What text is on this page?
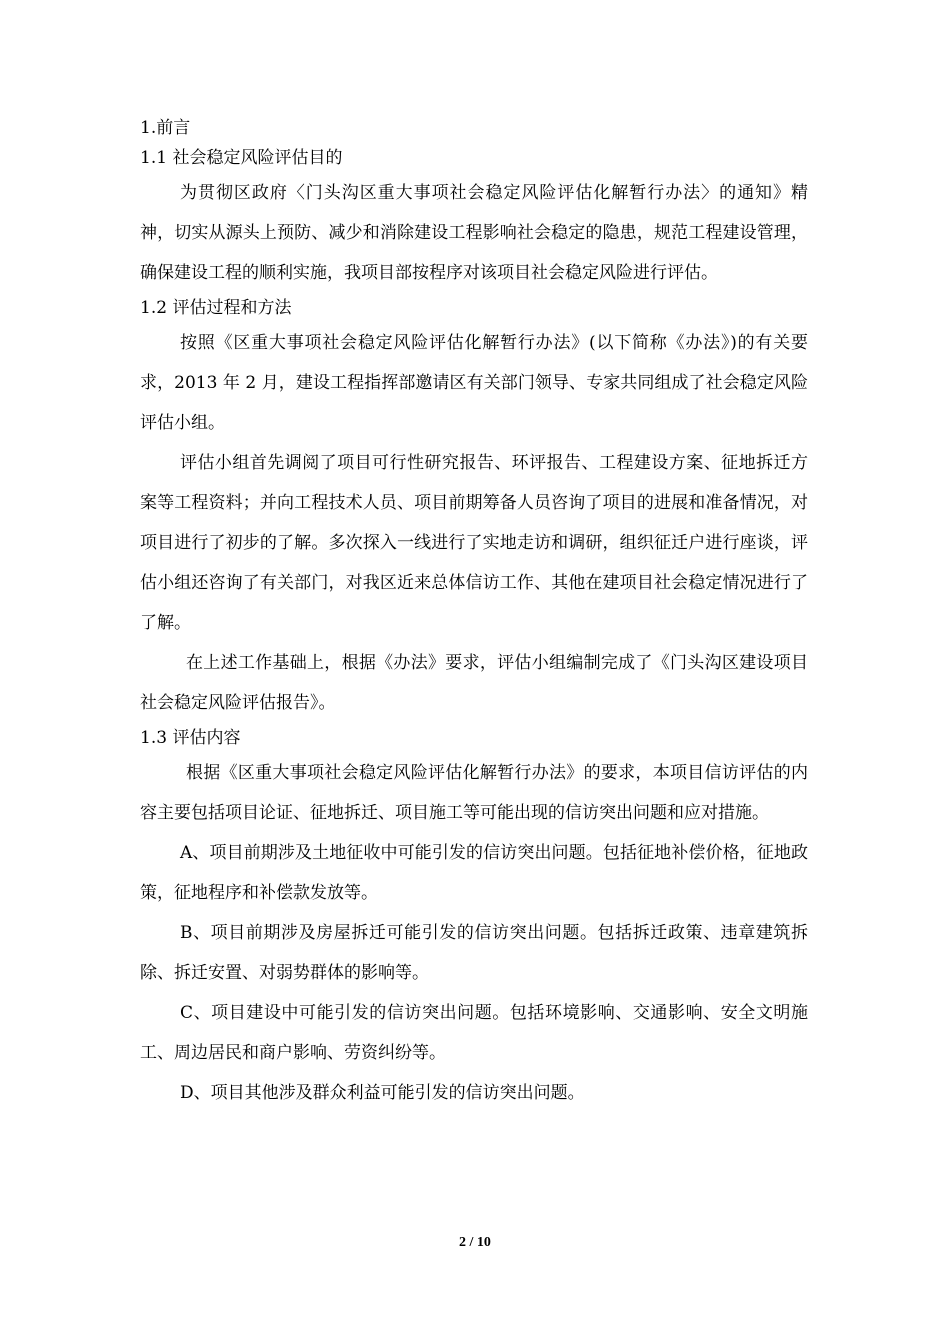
1.前言

1.1 社会稳定风险评估目的

为贯彻区政府〈门头沟区重大事项社会稳定风险评估化解暂行办法〉的通知》精神，切实从源头上预防、减少和消除建设工程影响社会稳定的隐患，规范工程建设管理，确保建设工程的顺利实施，我项目部按程序对该项目社会稳定风险进行评估。

1.2 评估过程和方法

按照《区重大事项社会稳定风险评估化解暂行办法》(以下简称《办法》)的有关要求，2013 年 2 月，建设工程指挥部邀请区有关部门领导、专家共同组成了社会稳定风险评估小组。

评估小组首先调阅了项目可行性研究报告、环评报告、工程建设方案、征地拆迁方案等工程资料；并向工程技术人员、项目前期筹备人员咨询了项目的进展和准备情况，对项目进行了初步的了解。多次探入一线进行了实地走访和调研，组织征迁户进行座谈，评估小组还咨询了有关部门，对我区近来总体信访工作、其他在建项目社会稳定情况进行了了解。

在上述工作基础上，根据《办法》要求，评估小组编制完成了《门头沟区建设项目社会稳定风险评估报告》。

1.3 评估内容

根据《区重大事项社会稳定风险评估化解暂行办法》的要求，本项目信访评估的内容主要包括项目论证、征地拆迁、项目施工等可能出现的信访突出问题和应对措施。

A、项目前期涉及土地征收中可能引发的信访突出问题。包括征地补偿价格，征地政策，征地程序和补偿款发放等。

B、项目前期涉及房屋拆迁可能引发的信访突出问题。包括拆迁政策、违章建筑拆除、拆迁安置、对弱势群体的影响等。

C、项目建设中可能引发的信访突出问题。包括环境影响、交通影响、安全文明施工、周边居民和商户影响、劳资纠纷等。

D、项目其他涉及群众利益可能引发的信访突出问题。

2 / 10
